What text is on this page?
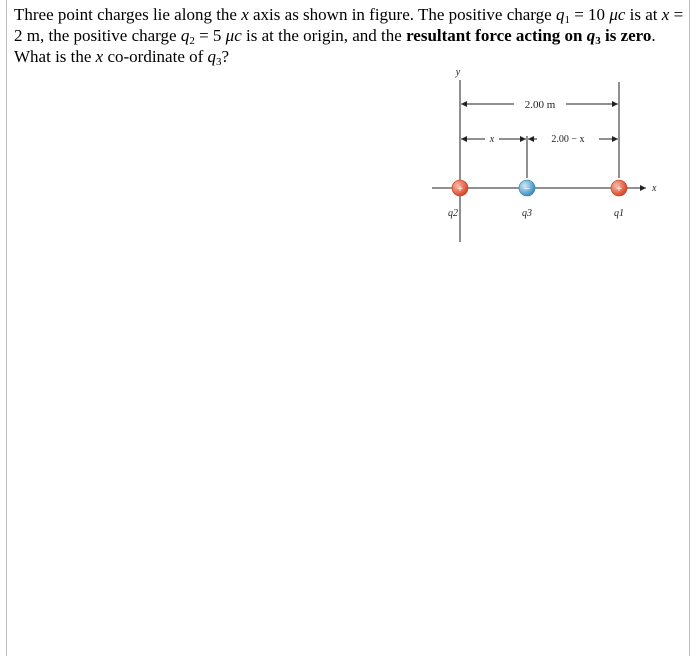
Three point charges lie along the x axis as shown in figure. The positive charge $q_1 = 10$ μc is at x = 2 m, the positive charge $q_2 = 5$ μc is at the origin, and the resultant force acting on $q_3$ is zero. What is the x co-ordinate of $q_3$?

y
x
2.00 m
x	2.00 − x
+	−	+
q2	q3	q1
